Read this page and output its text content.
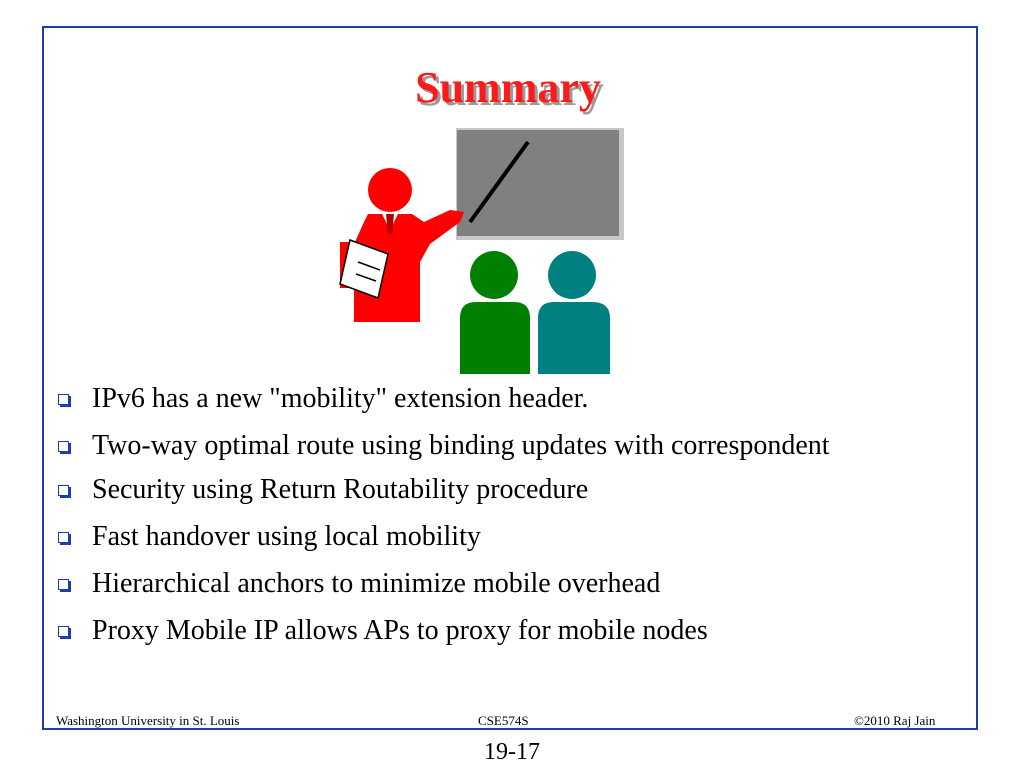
Summary
IPv6 has a new "mobility" extension header.
Two-way optimal route using binding updates with correspondent
Security using Return Routability procedure
Fast handover using local mobility
Hierarchical anchors to minimize mobile overhead
Proxy Mobile IP allows APs to proxy for mobile nodes
Washington University in St. Louis	CSE574S	©2010 Raj Jain
19-17
